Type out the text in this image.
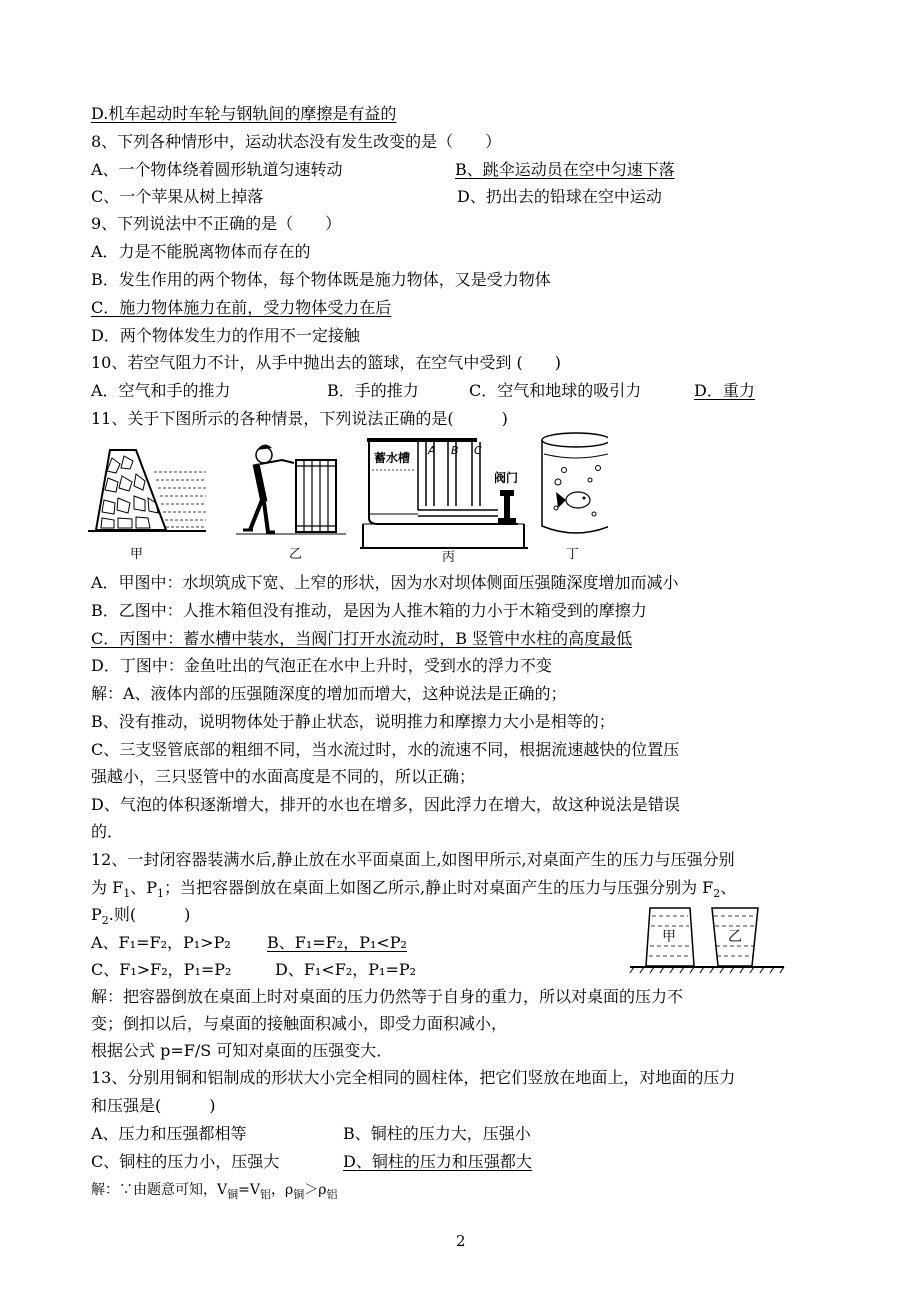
D.机车起动时车轮与钢轨间的摩擦是有益的
8、下列各种情形中，运动状态没有发生改变的是（　　）
A、一个物体绕着圆形轨道匀速转动	B、跳伞运动员在空中匀速下落
C、一个苹果从树上掉落	D、扔出去的铅球在空中运动
9、下列说法中不正确的是（　　）
A．力是不能脱离物体而存在的
B．发生作用的两个物体，每个物体既是施力物体，又是受力物体
C．施力物体施力在前，受力物体受力在后
D．两个物体发生力的作用不一定接触
10、若空气阻力不计，从手中抛出去的篮球，在空气中受到 (　　)
A．空气和手的推力	B．手的推力	C．空气和地球的吸引力	D．重力
11、关于下图所示的各种情景，下列说法正确的是(　　　)
甲	乙
蓄水槽
阀门
A B C
丙	丁
A．甲图中：水坝筑成下宽、上窄的形状，因为水对坝体侧面压强随深度增加而减小
B．乙图中：人推木箱但没有推动，是因为人推木箱的力小于木箱受到的摩擦力
C．丙图中：蓄水槽中装水，当阀门打开水流动时，B 竖管中水柱的高度最低
D．丁图中：金鱼吐出的气泡正在水中上升时，受到水的浮力不变
解：A、液体内部的压强随深度的增加而增大，这种说法是正确的；
B、没有推动，说明物体处于静止状态，说明推力和摩擦力大小是相等的；
C、三支竖管底部的粗细不同，当水流过时，水的流速不同，根据流速越快的位置压
强越小，三只竖管中的水面高度是不同的，所以正确；
D、气泡的体积逐渐增大，排开的水也在增多，因此浮力在增大，故这种说法是错误
的．
12、一封闭容器装满水后,静止放在水平面桌面上,如图甲所示,对桌面产生的压力与压强分别
为 $F_1$、$P_1$；当把容器倒放在桌面上如图乙所示,静止时对桌面产生的压力与压强分别为 $F_2$、
$P_2$.则(　　　)
A、F₁=F₂，P₁>P₂ B、F₁=F₂，P₁<P₂
C、F₁>F₂，P₁=P₂	D、F₁<F₂，P₁=P₂
甲	乙
解：把容器倒放在桌面上时对桌面的压力仍然等于自身的重力，所以对桌面的压力不
变；倒扣以后，与桌面的接触面积减小，即受力面积减小，
根据公式 p=F/S 可知对桌面的压强变大．
13、分别用铜和铝制成的形状大小完全相同的圆柱体，把它们竖放在地面上，对地面的压力
和压强是(　　　)
A、压力和压强都相等	B、铜柱的压力大，压强小
C、铜柱的压力小，压强大	D、铜柱的压力和压强都大
解：∵由题意可知，$V_铜=V_铝$，$\rho_铜>\rho_铝$
2
